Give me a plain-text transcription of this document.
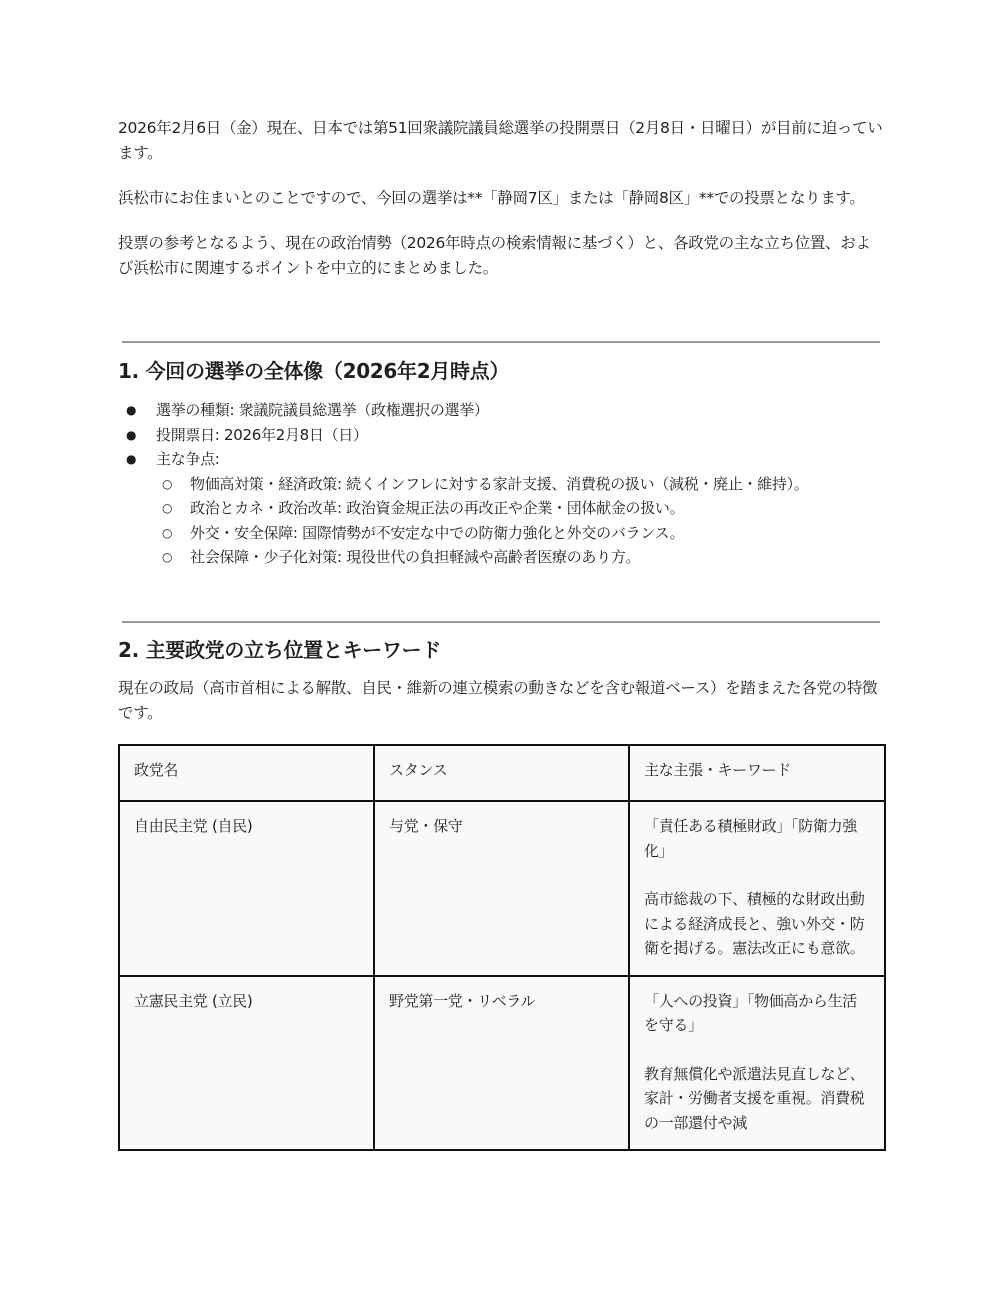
2026年2月6日（金）現在、日本では第51回衆議院議員総選挙の投開票日（2月8日・日曜日）が目前に迫っています。

浜松市にお住まいとのことですので、今回の選挙は**「静岡7区」または「静岡8区」**での投票となります。

投票の参考となるよう、現在の政治情勢（2026年時点の検索情報に基づく）と、各政党の主な立ち位置、および浜松市に関連するポイントを中立的にまとめました。

1. 今回の選挙の全体像（2026年2月時点）
● 選挙の種類: 衆議院議員総選挙（政権選択の選挙）
● 投開票日: 2026年2月8日（日）
● 主な争点:
○ 物価高対策・経済政策: 続くインフレに対する家計支援、消費税の扱い（減税・廃止・維持）。
○ 政治とカネ・政治改革: 政治資金規正法の再改正や企業・団体献金の扱い。
○ 外交・安全保障: 国際情勢が不安定な中での防衛力強化と外交のバランス。
○ 社会保障・少子化対策: 現役世代の負担軽減や高齢者医療のあり方。
2. 主要政党の立ち位置とキーワード

現在の政局（高市首相による解散、自民・維新の連立模索の動きなどを含む報道ベース）を踏まえた各党の特徴です。

政党名	スタンス	主な主張・キーワード
自由民主党 (自民)	与党・保守	「責任ある積極財政」「防衛力強化」
高市総裁の下、積極的な財政出動による経済成長と、強い外交・防衛を掲げる。憲法改正にも意欲。

立憲民主党 (立民)	野党第一党・リベラル	「人への投資」「物価高から生活を守る」
教育無償化や派遣法見直しなど、家計・労働者支援を重視。消費税の一部還付や減
